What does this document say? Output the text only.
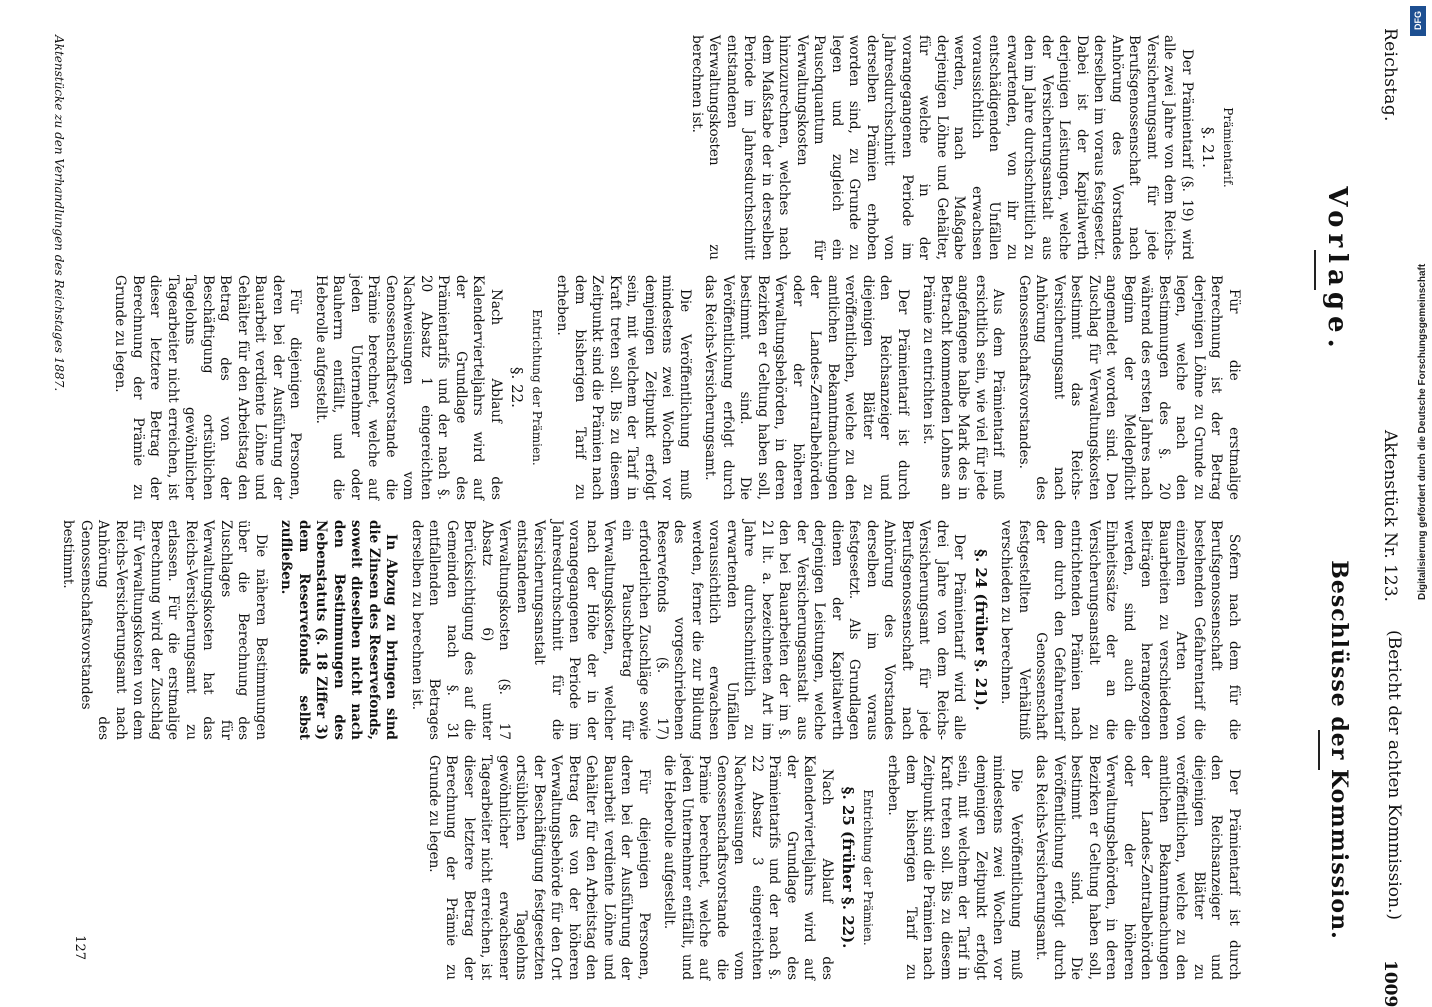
Reichstag.
Aktenstück Nr. 123.
(Bericht der achten Kommission.)
1009
Vorlage.
Prämientarif.
§. 21.

Der Prämientarif (§. 19) wird alle zwei Jahre von dem Reichs-Versicherungsamt für jede Berufsgenossenschaft nach Anhörung des Vorstandes derselben im voraus festgesetzt. Dabei ist der Kapitalwerth derjenigen Leistungen, welche der Versicherungsanstalt aus den im Jahre durchschnittlich zu erwartenden, von ihr zu entschädigenden Unfällen voraussichtlich erwachsen werden, nach Maßgabe derjenigen Löhne und Gehälter, für welche in der vorangegangenen Periode im Jahresdurchschnitt von derselben Prämien erhoben worden sind, zu Grunde zu legen und zugleich ein Pauschquantum für Verwaltungskosten hinzuzurechnen, welches nach dem Maßstabe der in derselben Periode im Jahresdurchschnitt entstandenen Verwaltungskosten zu berechnen ist.

Für die erstmalige Berechnung ist der Betrag derjenigen Löhne zu Grunde zu legen, welche nach den Bestimmungen des §. 20 während des ersten Jahres nach Beginn der Meldepflicht angemeldet worden sind. Den Zuschlag für Verwaltungskosten bestimmt das Reichs-Versicherungsamt nach Anhörung des Genossenschaftsvorstandes.

Aus dem Prämientarif muß ersichtlich sein, wie viel für jede angefangene halbe Mark des in Betracht kommenden Lohnes an Prämie zu entrichten ist.

Der Prämientarif ist durch den Reichsanzeiger und diejenigen Blätter zu veröffentlichen, welche zu den amtlichen Bekanntmachungen der Landes-Zentralbehörden oder der höheren Verwaltungsbehörden, in deren Bezirken er Geltung haben soll, bestimmt sind. Die Veröffentlichung erfolgt durch das Reichs-Versicherungsamt.

Die Veröffentlichung muß mindestens zwei Wochen vor demjenigen Zeitpunkt erfolgt sein, mit welchem der Tarif in Kraft treten soll. Bis zu diesem Zeitpunkt sind die Prämien nach dem bisherigen Tarif zu erheben.

Entrichtung der Prämien.
§. 22.

Nach Ablauf des Kalendervierteljahrs wird auf der Grundlage des Prämientarifs und der nach §. 20 Absatz 1 eingereichten Nachweisungen vom Genossenschaftsvorstande die Prämie berechnet, welche auf jeden Unternehmer oder Bauherrn entfällt, und die Heberolle aufgestellt.

Für diejenigen Personen, deren bei der Ausführung der Bauarbeit verdiente Löhne und Gehälter für den Arbeitstag den Betrag des von der Beschäftigung ortsüblichen Tagelohns gewöhnlicher Tagearbeiter nicht erreichen, ist dieser letztere Betrag der Berechnung der Prämie zu Grunde zu legen.

Aktenstücke zu den Verhandlungen des Reichstages 1887.
Beschlüsse der Kommission.

Sofern nach dem für die Berufsgenossenschaft bestehenden Gefahrentarif die einzelnen Arten von Bauarbeiten zu verschiedenen Beiträgen herangezogen werden, sind auch die Einheitssätze der an die Versicherungsanstalt zu entrichtenden Prämien nach dem durch den Gefahrentarif der Genossenschaft festgestellten Verhältniß verschieden zu berechnen.

§. 24 (früher §. 21).

Der Prämientarif wird alle drei Jahre von dem Reichs-Versicherungsamt für jede Berufsgenossenschaft nach Anhörung des Vorstandes derselben im voraus festgesetzt. Als Grundlagen dienen der Kapitalwerth derjenigen Leistungen, welche der Versicherungsanstalt aus den bei Bauarbeiten der im §. 21 lit. a. bezeichneten Art im Jahre durchschnittlich zu erwartenden Unfällen voraussichtlich erwachsen werden, ferner die zur Bildung des vorgeschriebenen Reservefonds (§. 17) erforderlichen Zuschläge sowie ein Pauschbetrag für Verwaltungskosten, welcher nach der Höhe der in der vorangegangenen Periode im Jahresdurchschnitt für die Versicherungsanstalt entstandenen Verwaltungskosten (§. 17 Absatz 6) unter Berücksichtigung des auf die Gemeinden nach §. 31 entfallenden Betrages derselben zu berechnen ist.

In Abzug zu bringen sind die Zinsen des Reservefonds, soweit dieselben nicht nach den Bestimmungen des Nebenstatuts (§. 18 Ziffer 3) dem Reservefonds selbst zufließen.

Die näheren Bestimmungen über die Berechnung des Zuschlages für Verwaltungskosten hat das Reichs-Versicherungsamt zu erlassen. Für die erstmalige Berechnung wird der Zuschlag für Verwaltungskosten von dem Reichs-Versicherungsamt nach Anhörung des Genossenschaftsvorstandes bestimmt.

Der Prämientarif ist durch den Reichsanzeiger und diejenigen Blätter zu veröffentlichen, welche zu den amtlichen Bekanntmachungen der Landes-Zentralbehörden oder der höheren Verwaltungsbehörden, in deren Bezirken er Geltung haben soll, bestimmt sind. Die Veröffentlichung erfolgt durch das Reichs-Versicherungsamt.

Die Veröffentlichung muß mindestens zwei Wochen vor demjenigen Zeitpunkt erfolgt sein, mit welchem der Tarif in Kraft treten soll. Bis zu diesem Zeitpunkt sind die Prämien nach dem bisherigen Tarif zu erheben.

Entrichtung der Prämien.
§. 25 (früher §. 22).

Nach Ablauf des Kalendervierteljahrs wird auf der Grundlage des Prämientarifs und der nach §. 22 Absatz 3 eingereichten Nachweisungen vom Genossenschaftsvorstande die Prämie berechnet, welche auf jeden Unternehmer entfällt, und die Heberolle aufgestellt.

Für diejenigen Personen, deren bei der Ausführung der Bauarbeit verdiente Löhne und Gehälter für den Arbeitstag den Betrag des von der höheren Verwaltungsbehörde für den Ort der Beschäftigung festgesetzten ortsüblichen Tagelohns gewöhnlicher erwachsener Tagearbeiter nicht erreichen, ist dieser letztere Betrag der Berechnung der Prämie zu Grunde zu legen.

127
DFG
Digitalisierung gefördert durch die Deutsche Forschungsgemeinschaft
